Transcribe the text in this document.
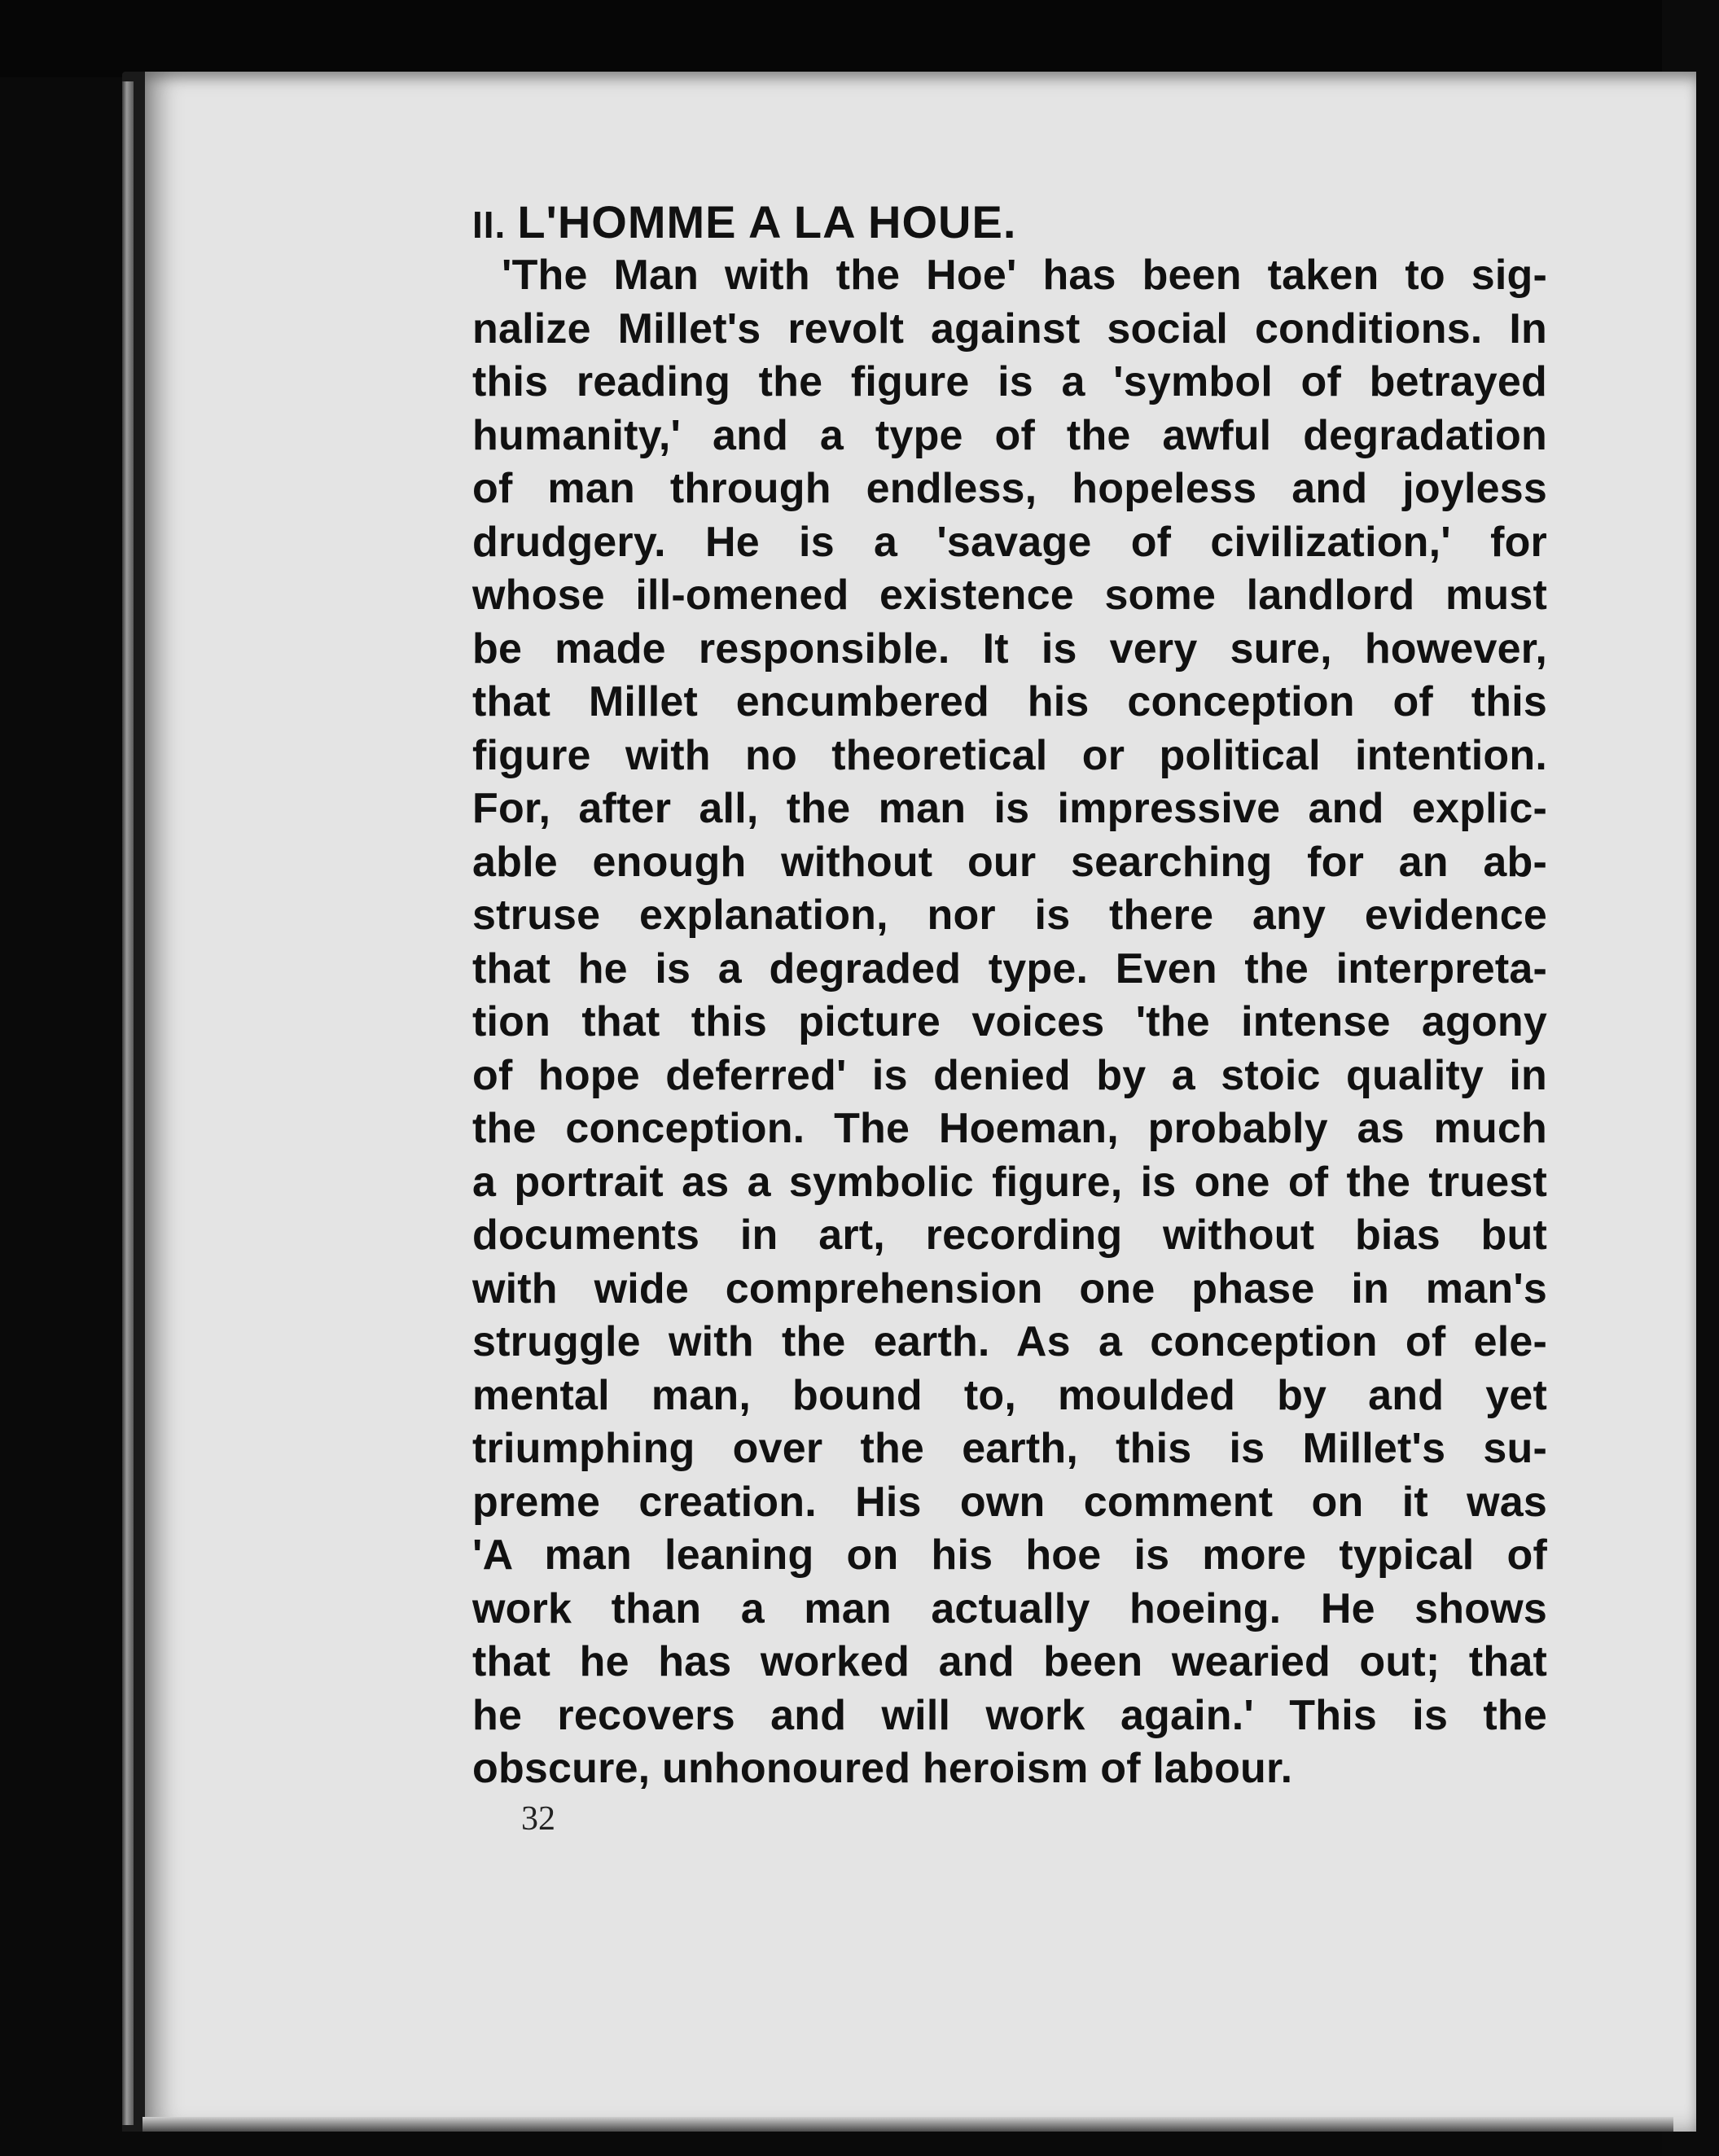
II. L'HOMME A LA HOUE.
'The Man with the Hoe' has been taken to sig-
nalize Millet's revolt against social conditions. In
this reading the figure is a 'symbol of betrayed
humanity,' and a type of the awful degradation
of man through endless, hopeless and joyless
drudgery. He is a 'savage of civilization,' for
whose ill-omened existence some landlord must
be made responsible. It is very sure, however,
that Millet encumbered his conception of this
figure with no theoretical or political intention.
For, after all, the man is impressive and explic-
able enough without our searching for an ab-
struse explanation, nor is there any evidence
that he is a degraded type. Even the interpreta-
tion that this picture voices 'the intense agony
of hope deferred' is denied by a stoic quality in
the conception. The Hoeman, probably as much
a portrait as a symbolic figure, is one of the truest
documents in art, recording without bias but
with wide comprehension one phase in man's
struggle with the earth. As a conception of ele-
mental man, bound to, moulded by and yet
triumphing over the earth, this is Millet's su-
preme creation. His own comment on it was
'A man leaning on his hoe is more typical of
work than a man actually hoeing. He shows
that he has worked and been wearied out; that
he recovers and will work again.' This is the
obscure, unhonoured heroism of labour.
32
